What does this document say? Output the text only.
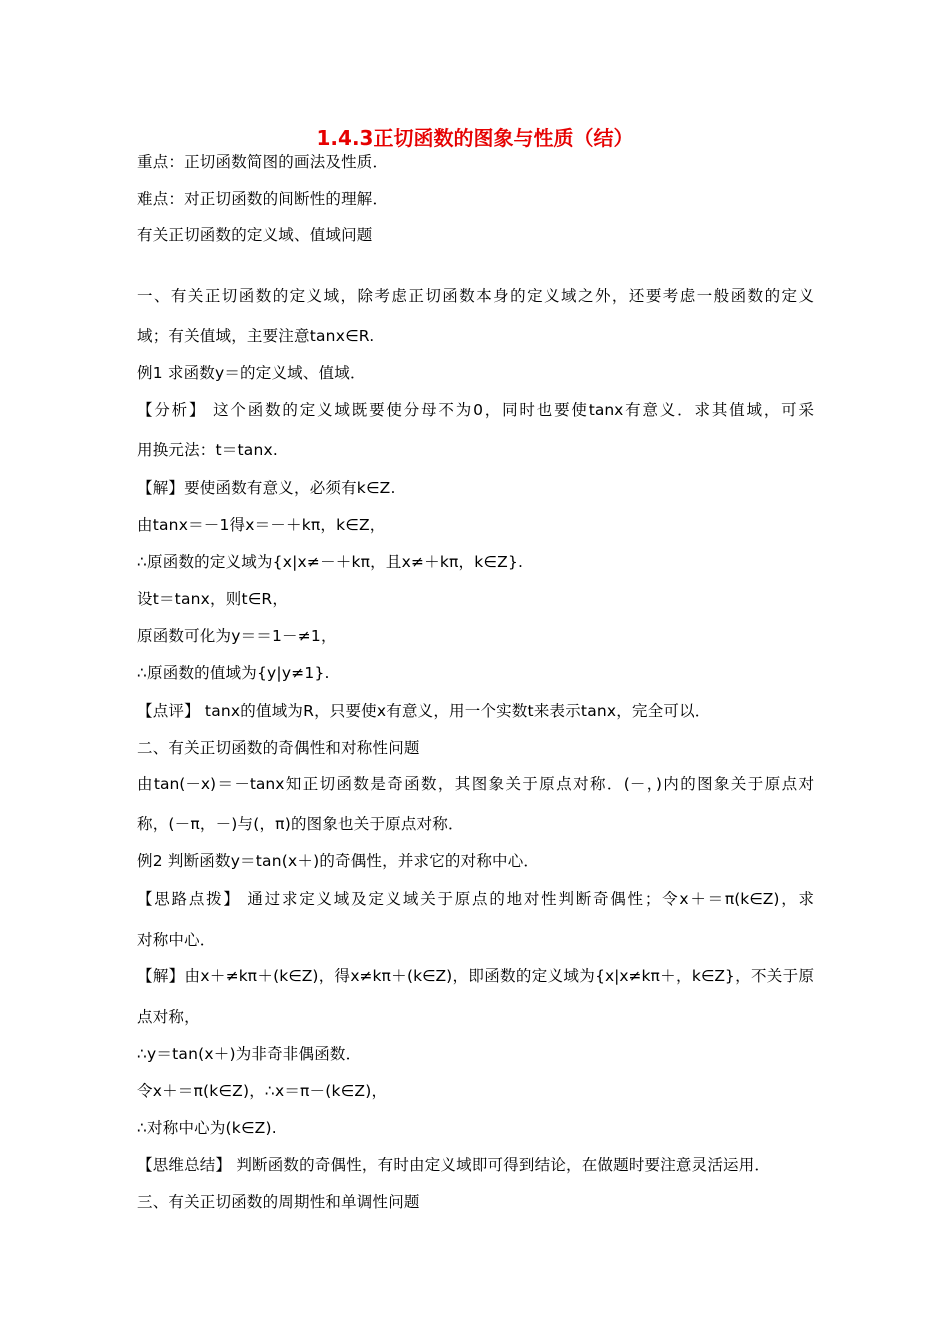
1.4.3正切函数的图象与性质（结）
重点：正切函数简图的画法及性质．
难点：对正切函数的间断性的理解．
有关正切函数的定义域、值域问题
一、有关正切函数的定义域，除考虑正切函数本身的定义域之外，还要考虑一般函数的定义
域；有关值域，主要注意tanx∈R.
例1 求函数y＝的定义域、值域．
【分析】 这个函数的定义域既要使分母不为0，同时也要使tanx有意义．求其值域，可采
用换元法：t＝tanx.
【解】要使函数有意义，必须有k∈Z.
由tanx＝－1得x＝－＋kπ，k∈Z，
∴原函数的定义域为{x|x≠－＋kπ，且x≠＋kπ，k∈Z}.
设t＝tanx，则t∈R，
原函数可化为y＝＝1－≠1，
∴原函数的值域为{y|y≠1}.
【点评】 tanx的值域为R，只要使x有意义，用一个实数t来表示tanx，完全可以．
二、有关正切函数的奇偶性和对称性问题
由tan(－x)＝－tanx知正切函数是奇函数，其图象关于原点对称．(－，)内的图象关于原点对
称，(－π，－)与(，π)的图象也关于原点对称．
例2 判断函数y＝tan(x＋)的奇偶性，并求它的对称中心．
【思路点拨】 通过求定义域及定义域关于原点的地对性判断奇偶性；令x＋＝π(k∈Z)，求
对称中心．
【解】由x＋≠kπ＋(k∈Z)，得x≠kπ＋(k∈Z)，即函数的定义域为{x|x≠kπ＋，k∈Z}，不关于原
点对称，
∴y＝tan(x＋)为非奇非偶函数．
令x＋＝π(k∈Z)，∴x＝π－(k∈Z)，
∴对称中心为(k∈Z).
【思维总结】 判断函数的奇偶性，有时由定义域即可得到结论，在做题时要注意灵活运用．
三、有关正切函数的周期性和单调性问题
